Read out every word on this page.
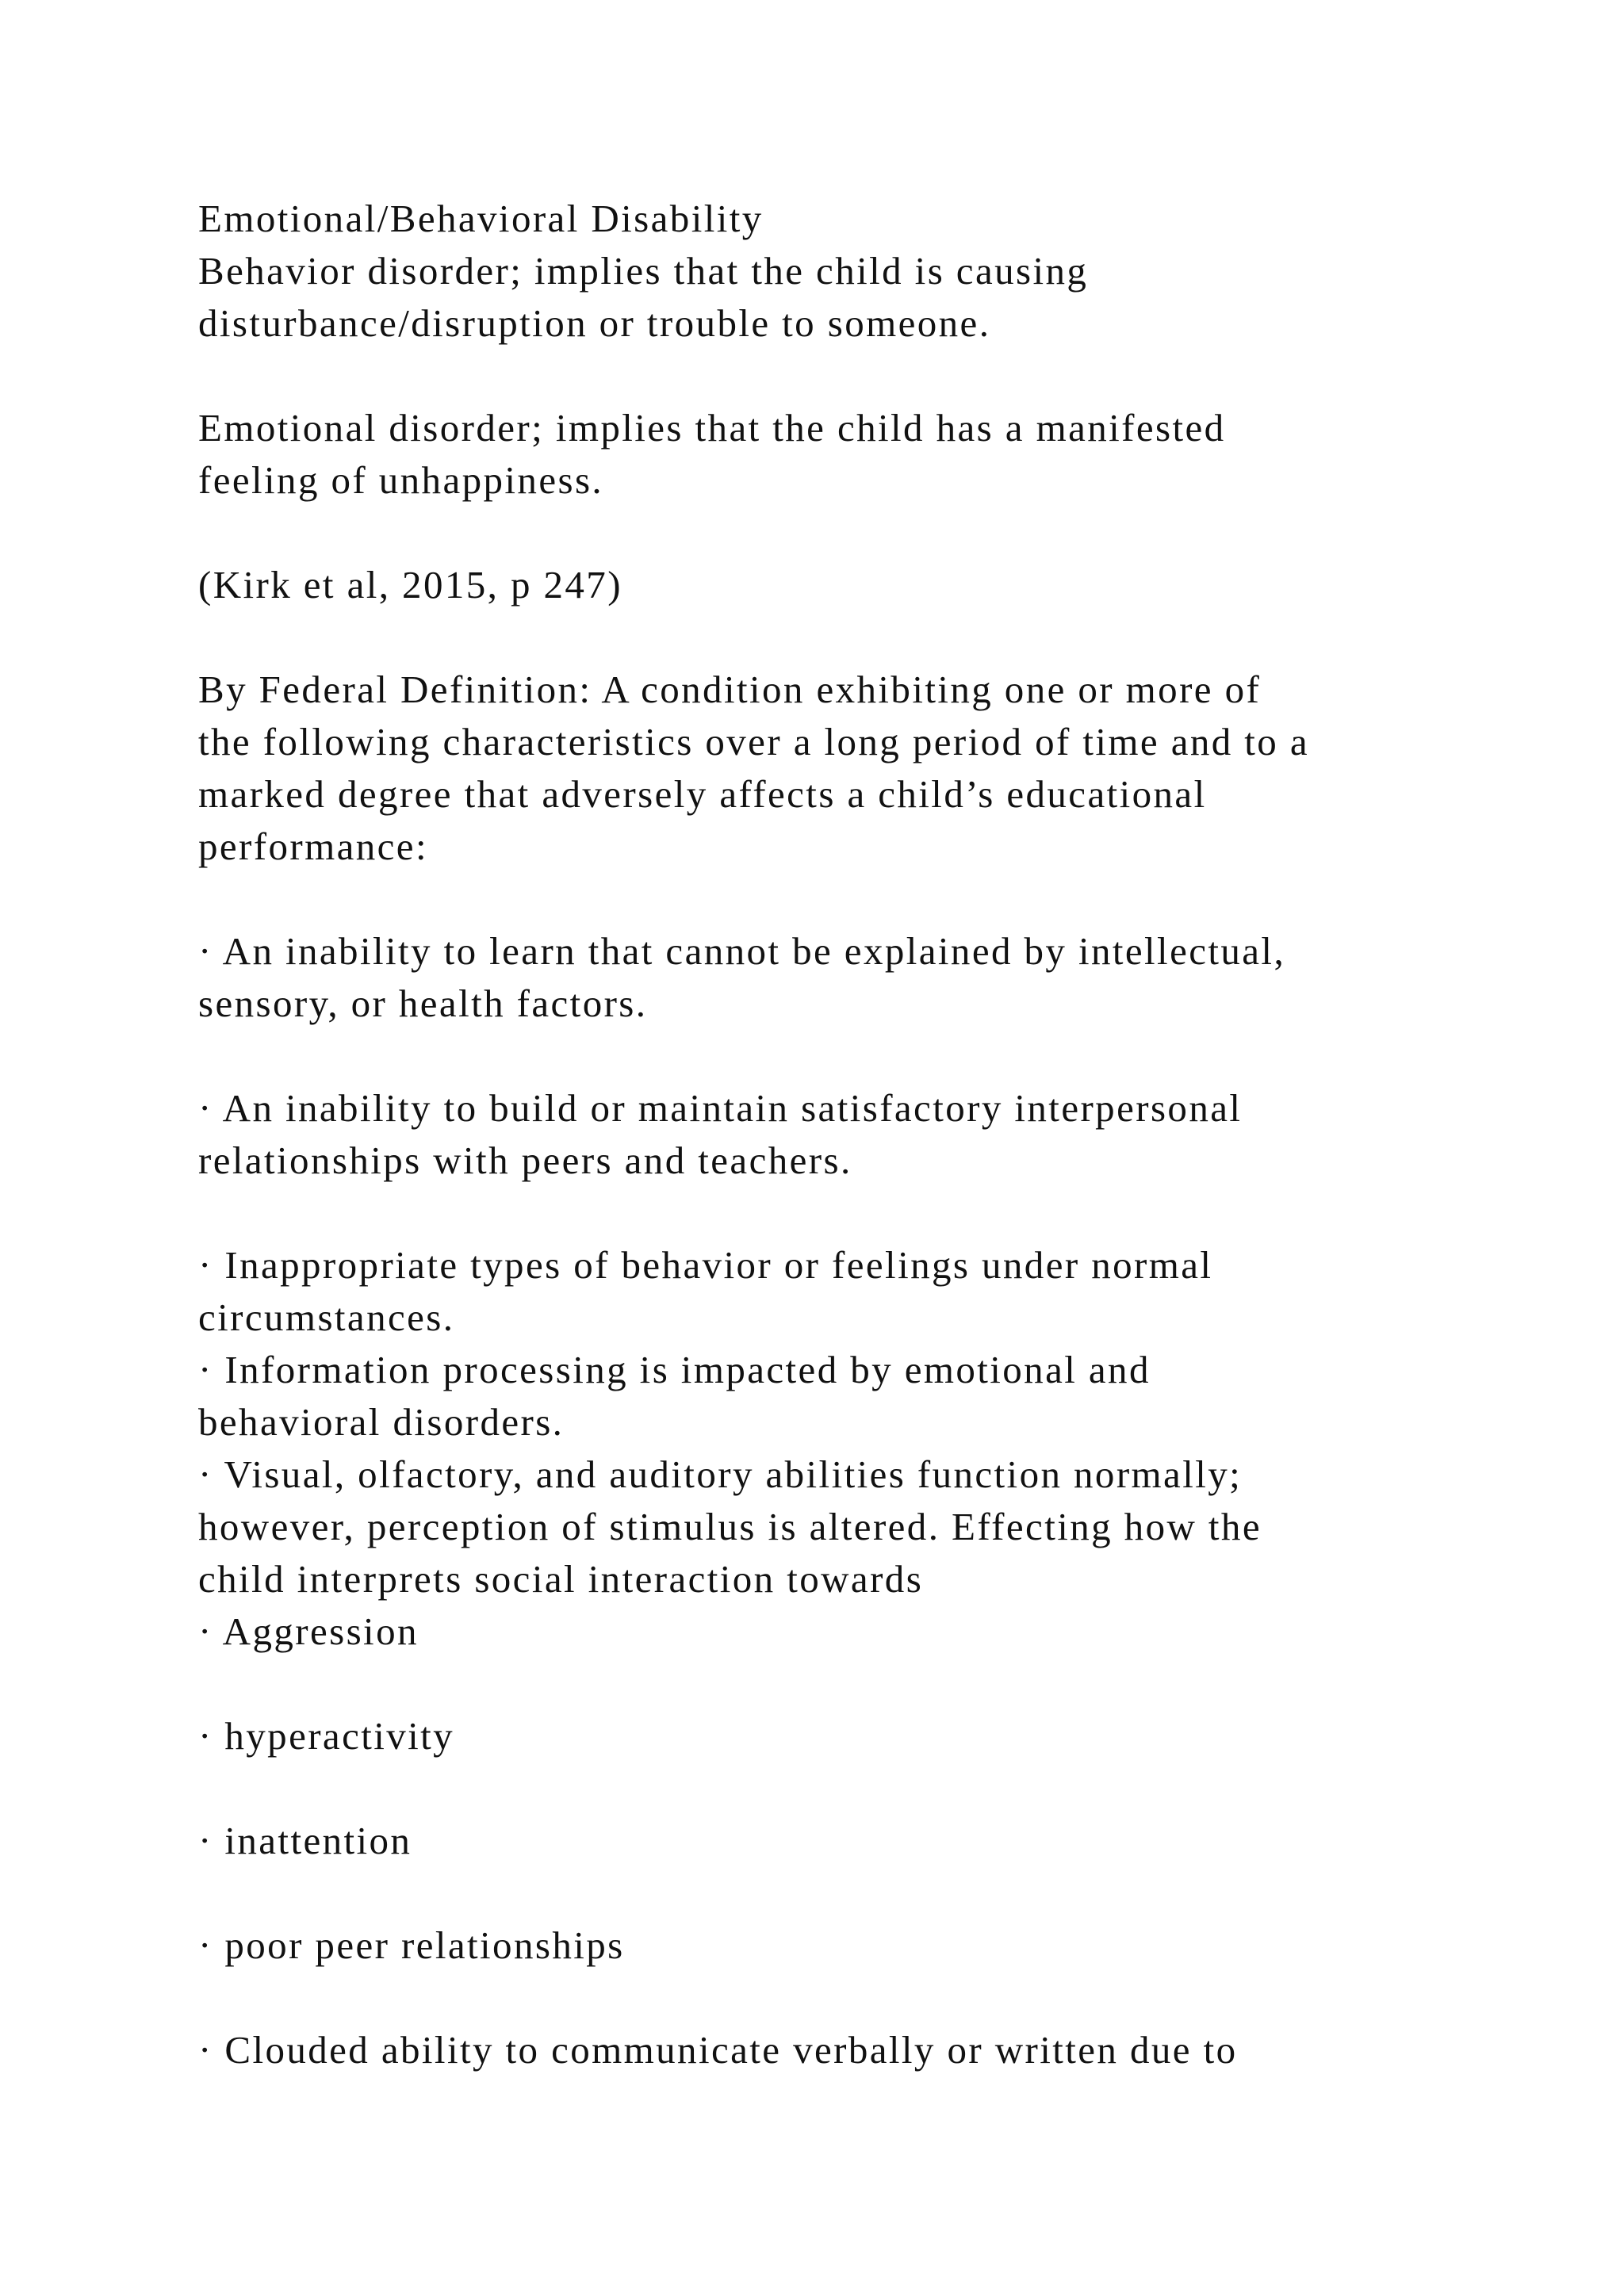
Emotional/Behavioral Disability
Behavior disorder; implies that the child is causing
disturbance/disruption or trouble to someone.
Emotional disorder; implies that the child has a manifested
feeling of unhappiness.
(Kirk et al, 2015, p 247)
By Federal Definition: A condition exhibiting one or more of
the following characteristics over a long period of time and to a
marked degree that adversely affects a child’s educational
performance:
· An inability to learn that cannot be explained by intellectual,
sensory, or health factors.
· An inability to build or maintain satisfactory interpersonal
relationships with peers and teachers.
· Inappropriate types of behavior or feelings under normal
circumstances.
· Information processing is impacted by emotional and
behavioral disorders.
· Visual, olfactory, and auditory abilities function normally;
however, perception of stimulus is altered. Effecting how the
child interprets social interaction towards
· Aggression
· hyperactivity
· inattention
· poor peer relationships
· Clouded ability to communicate verbally or written due to
